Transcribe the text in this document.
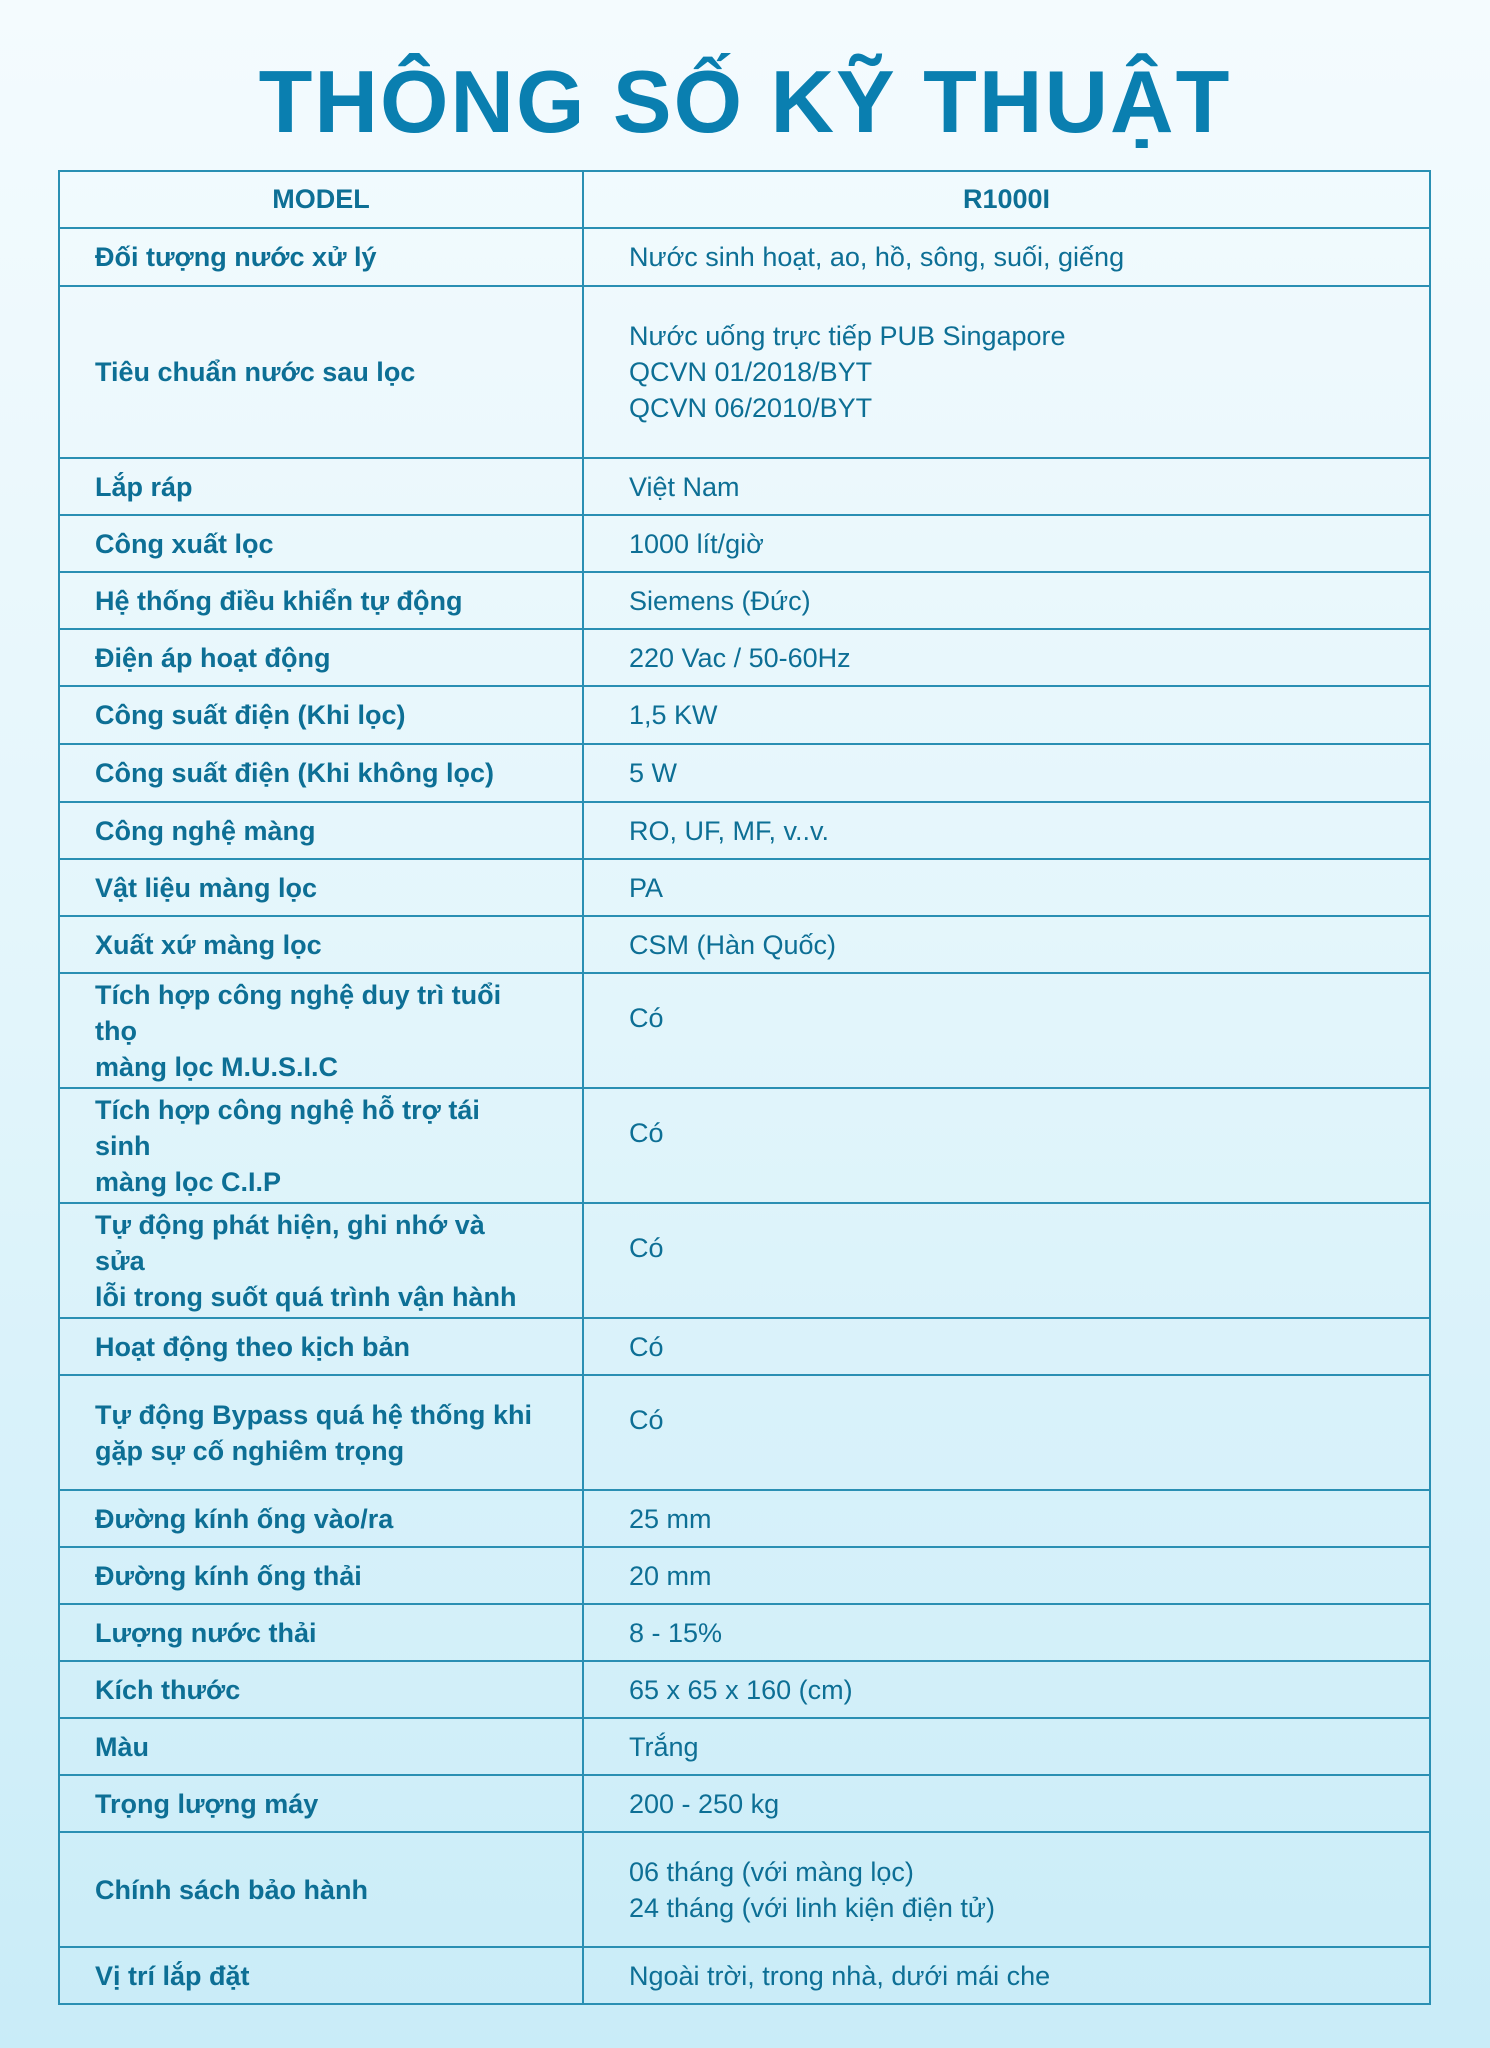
THÔNG SỐ KỸ THUẬT
MODEL	R1000I

Đối tượng nước xử lý	Nước sinh hoạt, ao, hồ, sông, suối, giếng

Tiêu chuẩn nước sau lọc	Nước uống trực tiếp PUB Singapore
QCVN 01/2018/BYT
QCVN 06/2010/BYT

Lắp ráp	Việt Nam

Công xuất lọc	1000 lít/giờ

Hệ thống điều khiển tự động	Siemens (Đức)

Điện áp hoạt động	220 Vac / 50-60Hz

Công suất điện (Khi lọc)	1,5 KW

Công suất điện (Khi không lọc)	5 W

Công nghệ màng	RO, UF, MF, v..v.

Vật liệu màng lọc	PA

Xuất xứ màng lọc	CSM (Hàn Quốc)

Tích hợp công nghệ duy trì tuổi thọ
màng lọc M.U.S.I.C	Có

Tích hợp công nghệ hỗ trợ tái sinh
màng lọc C.I.P	Có

Tự động phát hiện, ghi nhớ và sửa
lỗi trong suốt quá trình vận hành	Có

Hoạt động theo kịch bản	Có

Tự động Bypass quá hệ thống khi
gặp sự cố nghiêm trọng	Có

Đường kính ống vào/ra	25 mm

Đường kính ống thải	20 mm

Lượng nước thải	8 - 15%

Kích thước	65 x 65 x 160 (cm)

Màu	Trắng

Trọng lượng máy	200 - 250 kg

Chính sách bảo hành	06 tháng (với màng lọc)
24 tháng (với linh kiện điện tử)

Vị trí lắp đặt	Ngoài trời, trong nhà, dưới mái che
